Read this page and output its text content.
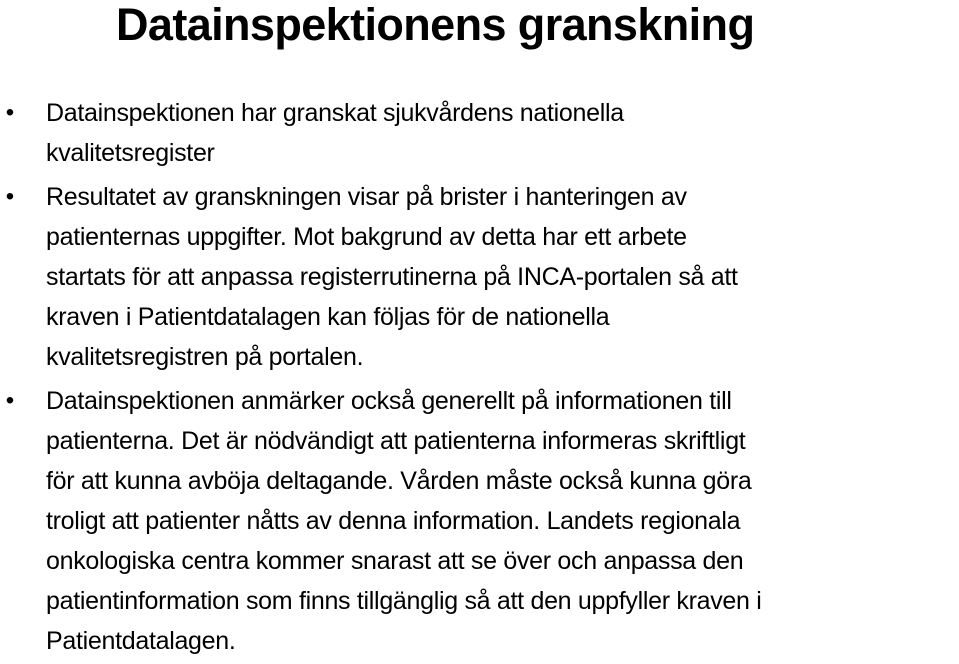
Datainspektionens granskning
• Datainspektionen har granskat sjukvårdens nationella
kvalitetsregister
• Resultatet av granskningen visar på brister i hanteringen av
patienternas uppgifter. Mot bakgrund av detta har ett arbete
startats för att anpassa registerrutinerna på INCA-portalen så att
kraven i Patientdatalagen kan följas för de nationella
kvalitetsregistren på portalen.
• Datainspektionen anmärker också generellt på informationen till
patienterna. Det är nödvändigt att patienterna informeras skriftligt
för att kunna avböja deltagande. Vården måste också kunna göra
troligt att patienter nåtts av denna information. Landets regionala
onkologiska centra kommer snarast att se över och anpassa den
patientinformation som finns tillgänglig så att den uppfyller kraven i
Patientdatalagen.
